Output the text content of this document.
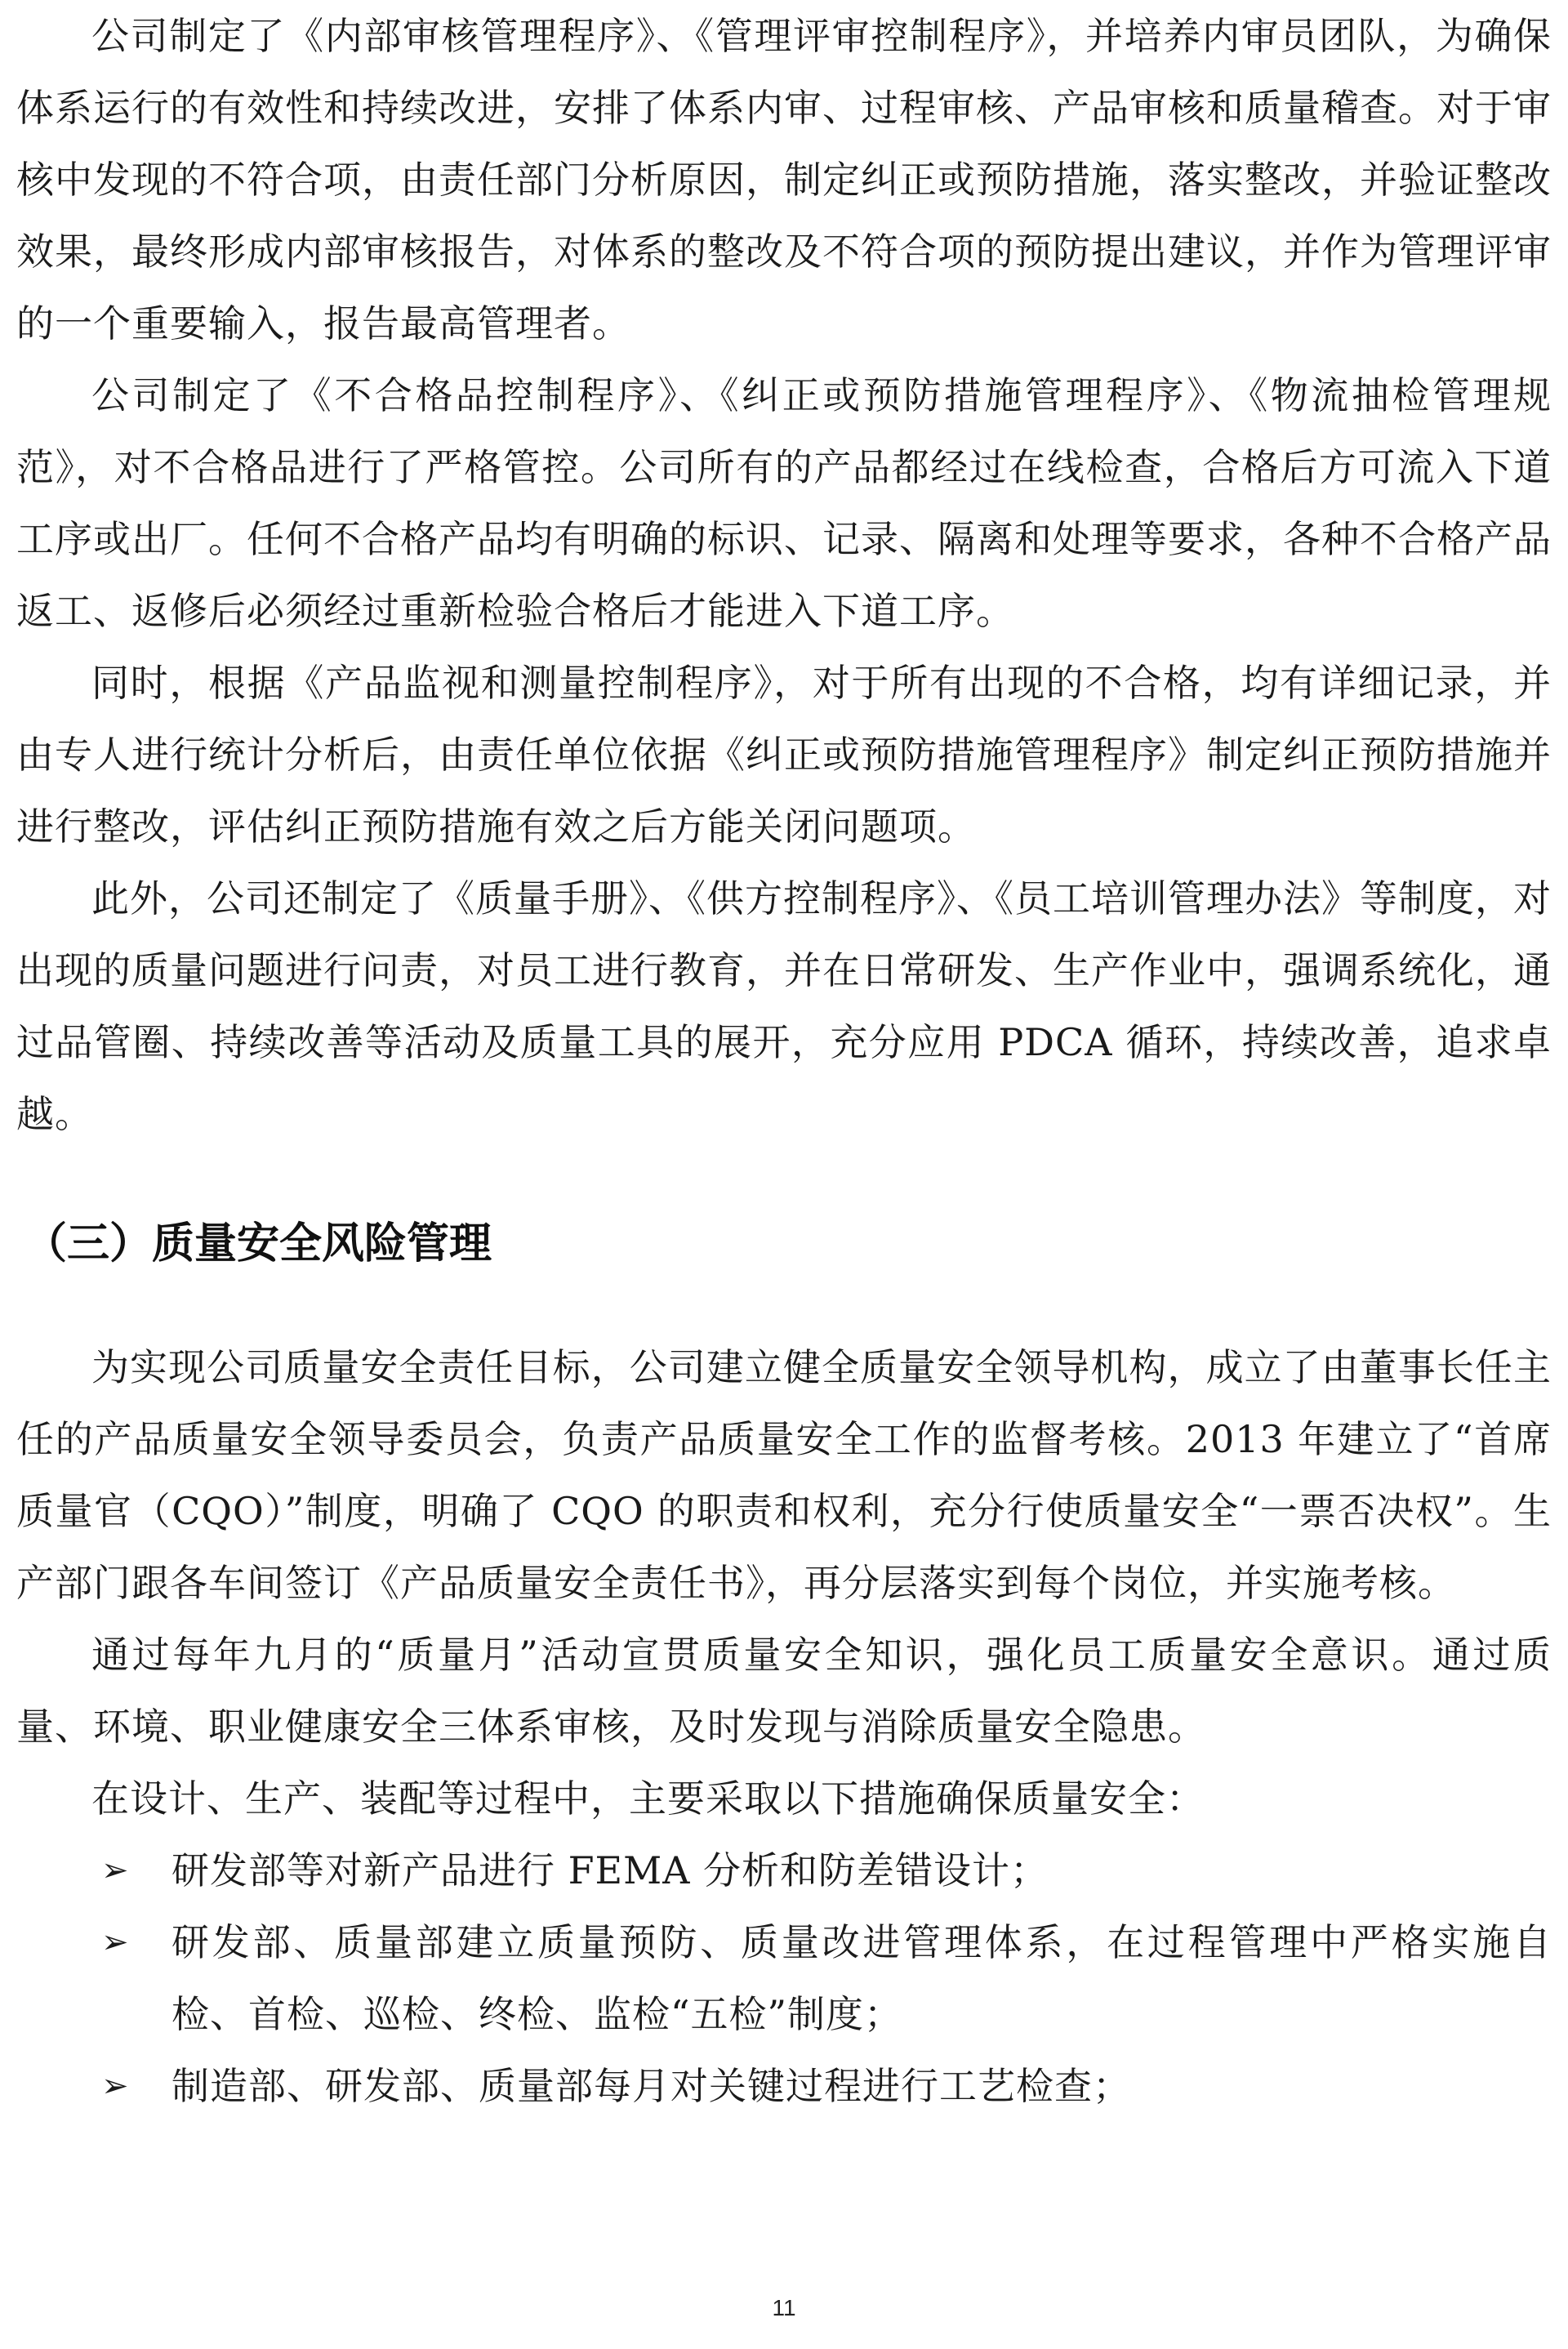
公司制定了《内部审核管理程序》、《管理评审控制程序》，并培养内审员团队，为确保体系运行的有效性和持续改进，安排了体系内审、过程审核、产品审核和质量稽查。对于审核中发现的不符合项，由责任部门分析原因，制定纠正或预防措施，落实整改，并验证整改效果，最终形成内部审核报告，对体系的整改及不符合项的预防提出建议，并作为管理评审的一个重要输入，报告最高管理者。

公司制定了《不合格品控制程序》、《纠正或预防措施管理程序》、《物流抽检管理规范》，对不合格品进行了严格管控。公司所有的产品都经过在线检查，合格后方可流入下道工序或出厂。任何不合格产品均有明确的标识、记录、隔离和处理等要求，各种不合格产品返工、返修后必须经过重新检验合格后才能进入下道工序。

同时，根据《产品监视和测量控制程序》，对于所有出现的不合格，均有详细记录，并由专人进行统计分析后，由责任单位依据《纠正或预防措施管理程序》制定纠正预防措施并进行整改，评估纠正预防措施有效之后方能关闭问题项。

此外，公司还制定了《质量手册》、《供方控制程序》、《员工培训管理办法》等制度，对出现的质量问题进行问责，对员工进行教育，并在日常研发、生产作业中，强调系统化，通过品管圈、持续改善等活动及质量工具的展开，充分应用 PDCA 循环，持续改善，追求卓越。

（三）质量安全风险管理

为实现公司质量安全责任目标，公司建立健全质量安全领导机构，成立了由董事长任主任的产品质量安全领导委员会，负责产品质量安全工作的监督考核。2013 年建立了“首席质量官（CQO）”制度，明确了 CQO 的职责和权利，充分行使质量安全“一票否决权”。生产部门跟各车间签订《产品质量安全责任书》，再分层落实到每个岗位，并实施考核。

通过每年九月的“质量月”活动宣贯质量安全知识，强化员工质量安全意识。通过质量、环境、职业健康安全三体系审核，及时发现与消除质量安全隐患。

在设计、生产、装配等过程中，主要采取以下措施确保质量安全：

➢ 研发部等对新产品进行 FEMA 分析和防差错设计；
➢ 研发部、质量部建立质量预防、质量改进管理体系，在过程管理中严格实施自检、首检、巡检、终检、监检“五检”制度；
➢ 制造部、研发部、质量部每月对关键过程进行工艺检查；
11
